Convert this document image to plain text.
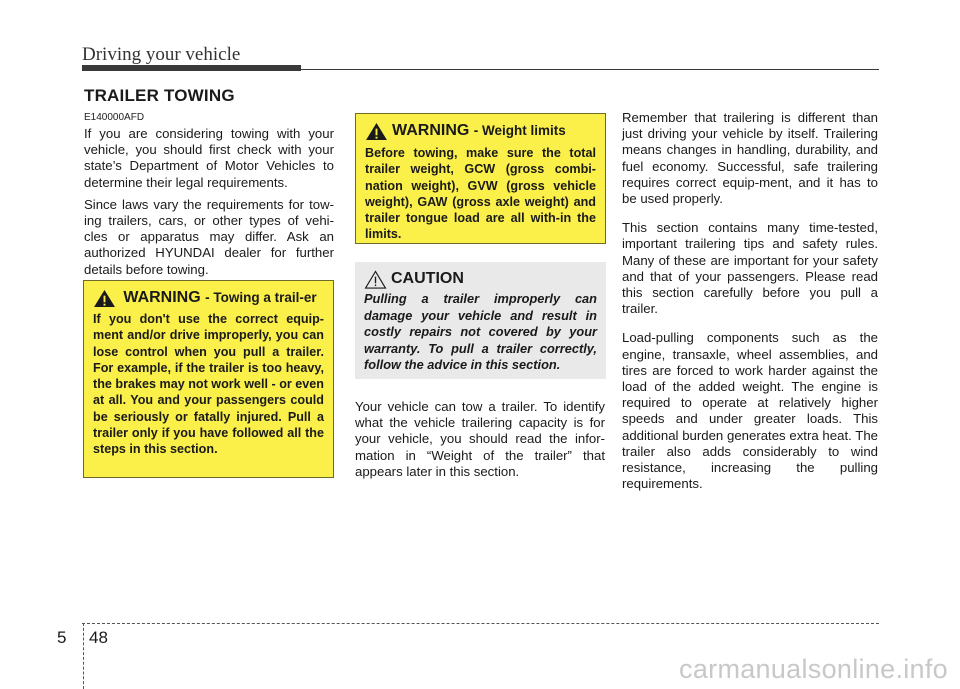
Driving your vehicle
TRAILER TOWING
E140000AFD

If you are considering towing with your vehicle, you should first check with your state’s Department of Motor Vehicles to determine their legal requirements.

Since laws vary the requirements for tow-ing trailers, cars, or other types of vehi-cles or apparatus may differ. Ask an authorized HYUNDAI dealer for further details before towing.

WARNING - Towing a trail-er
If you don't use the correct equip-ment and/or drive improperly, you can lose control when you pull a trailer. For example, if the trailer is too heavy, the brakes may not work well - or even at all. You and your passengers could be seriously or fatally injured. Pull a trailer only if you have followed all the steps in this section.
WARNING - Weight limits
Before towing, make sure the total trailer weight, GCW (gross combi-nation weight), GVW (gross vehicle weight), GAW (gross axle weight) and trailer tongue load are all with-in the limits.
CAUTION
Pulling a trailer improperly can damage your vehicle and result in costly repairs not covered by your warranty. To pull a trailer correctly, follow the advice in this section.

Your vehicle can tow a trailer. To identify what the vehicle trailering capacity is for your vehicle, you should read the infor-mation in “Weight of the trailer” that appears later in this section.

Remember that trailering is different than just driving your vehicle by itself. Trailering means changes in handling, durability, and fuel economy. Successful, safe trailering requires correct equip-ment, and it has to be used properly.

This section contains many time-tested, important trailering tips and safety rules. Many of these are important for your safety and that of your passengers. Please read this section carefully before you pull a trailer.

Load-pulling components such as the engine, transaxle, wheel assemblies, and tires are forced to work harder against the load of the added weight. The engine is required to operate at relatively higher speeds and under greater loads. This additional burden generates extra heat. The trailer also adds considerably to wind resistance, increasing the pulling requirements.

5 48
carmanualsonline.info
